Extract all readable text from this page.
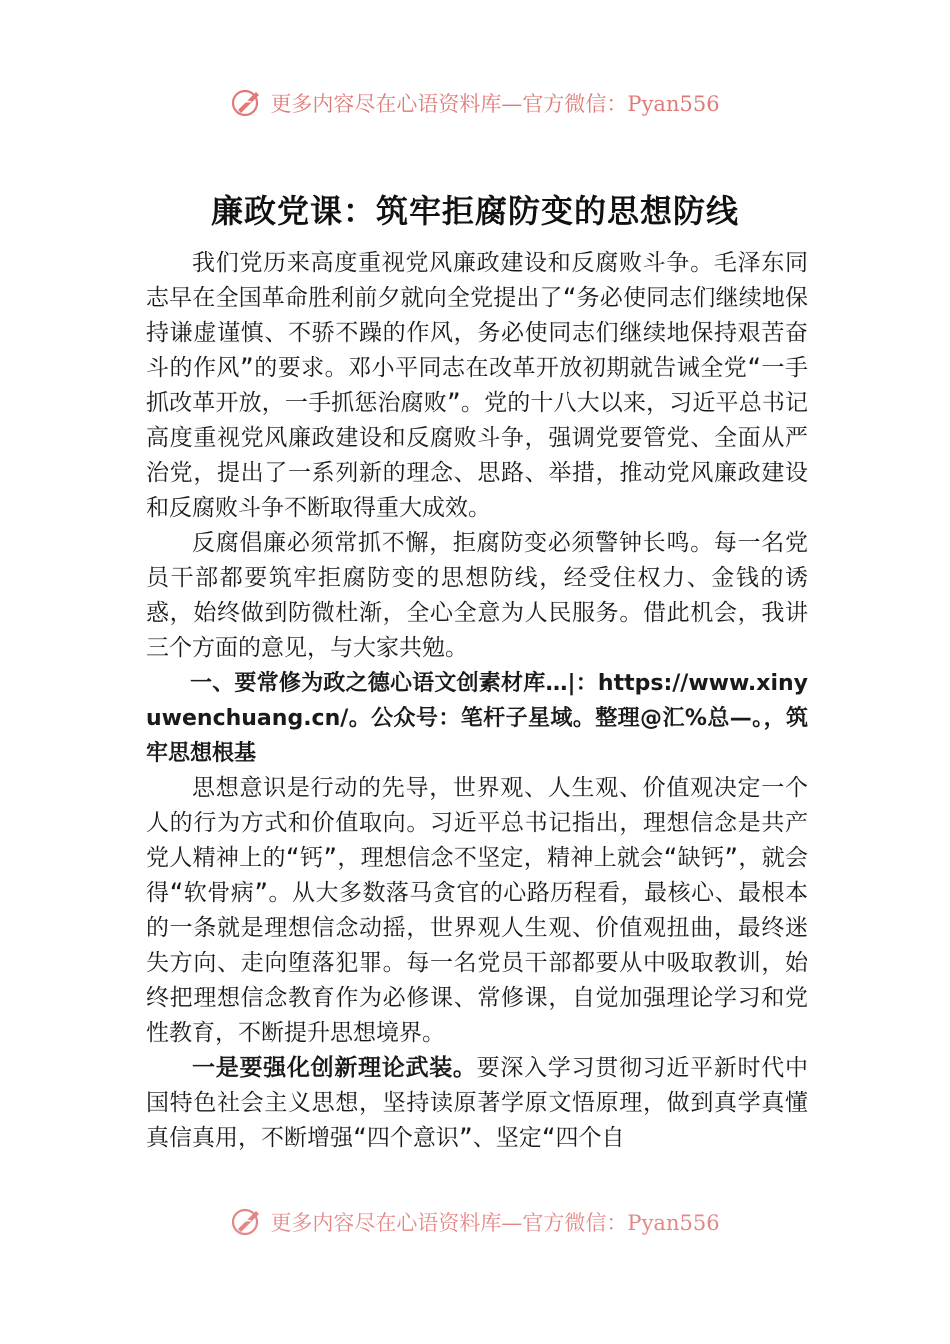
更多内容尽在心语资料库—官方微信：Pyan556
廉政党课：筑牢拒腐防变的思想防线

我们党历来高度重视党风廉政建设和反腐败斗争。毛泽东同志早在全国革命胜利前夕就向全党提出了“务必使同志们继续地保持谦虚谨慎、不骄不躁的作风，务必使同志们继续地保持艰苦奋斗的作风”的要求。邓小平同志在改革开放初期就告诫全党“一手抓改革开放，一手抓惩治腐败”。党的十八大以来，习近平总书记高度重视党风廉政建设和反腐败斗争，强调党要管党、全面从严治党，提出了一系列新的理念、思路、举措，推动党风廉政建设和反腐败斗争不断取得重大成效。

反腐倡廉必须常抓不懈，拒腐防变必须警钟长鸣。每一名党员干部都要筑牢拒腐防变的思想防线，经受住权力、金钱的诱惑，始终做到防微杜渐，全心全意为人民服务。借此机会，我讲三个方面的意见，与大家共勉。

一、要常修为政之德心语文创素材库…|：https://www.xinyuwenchuang.cn/。公众号：笔杆子星域。整理@汇%总—。，筑牢思想根基

思想意识是行动的先导，世界观、人生观、价值观决定一个人的行为方式和价值取向。习近平总书记指出，理想信念是共产党人精神上的“钙”，理想信念不坚定，精神上就会“缺钙”，就会得“软骨病”。从大多数落马贪官的心路历程看，最核心、最根本的一条就是理想信念动摇，世界观人生观、价值观扭曲，最终迷失方向、走向堕落犯罪。每一名党员干部都要从中吸取教训，始终把理想信念教育作为必修课、常修课，自觉加强理论学习和党性教育，不断提升思想境界。

一是要强化创新理论武装。要深入学习贯彻习近平新时代中国特色社会主义思想，坚持读原著学原文悟原理，做到真学真懂真信真用，不断增强“四个意识”、坚定“四个自

更多内容尽在心语资料库—官方微信：Pyan556
